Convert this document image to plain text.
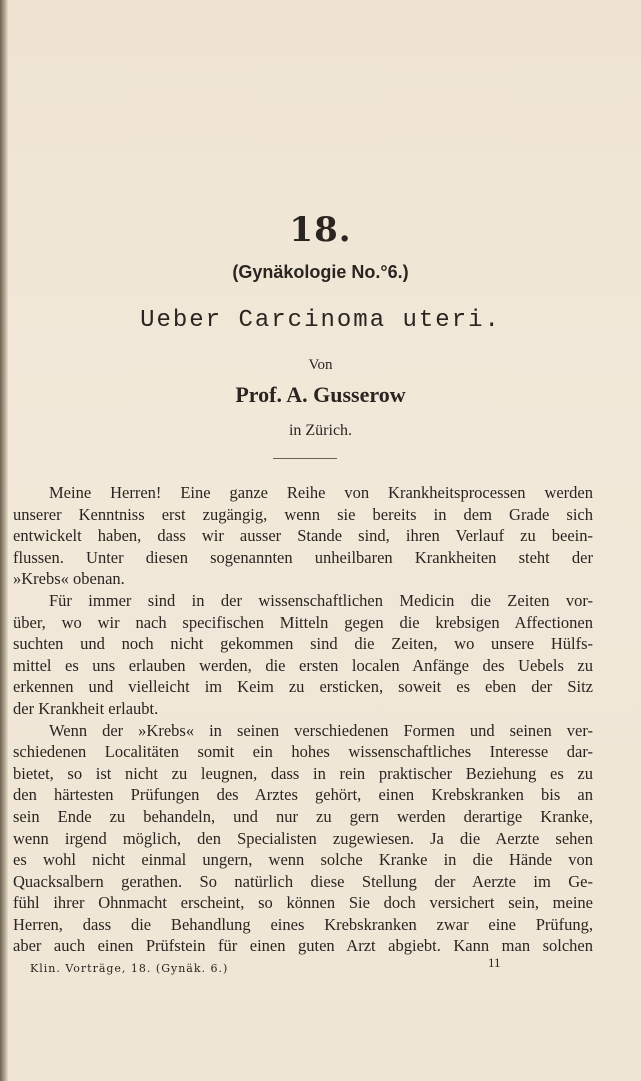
18.
(Gynäkologie No.°6.)
Ueber Carcinoma uteri.
Von
Prof. A. Gusserow
in Zürich.
Meine Herren! Eine ganze Reihe von Krankheitsprocessen werden
unserer Kenntniss erst zugängig, wenn sie bereits in dem Grade sich
entwickelt haben, dass wir ausser Stande sind, ihren Verlauf zu beein-
flussen. Unter diesen sogenannten unheilbaren Krankheiten steht der
»Krebs« obenan.
Für immer sind in der wissenschaftlichen Medicin die Zeiten vor-
über, wo wir nach specifischen Mitteln gegen die krebsigen Affectionen
suchten und noch nicht gekommen sind die Zeiten, wo unsere Hülfs-
mittel es uns erlauben werden, die ersten localen Anfänge des Uebels zu
erkennen und vielleicht im Keim zu ersticken, soweit es eben der Sitz
der Krankheit erlaubt.
Wenn der »Krebs« in seinen verschiedenen Formen und seinen ver-
schiedenen Localitäten somit ein hohes wissenschaftliches Interesse dar-
bietet, so ist nicht zu leugnen, dass in rein praktischer Beziehung es zu
den härtesten Prüfungen des Arztes gehört, einen Krebskranken bis an
sein Ende zu behandeln, und nur zu gern werden derartige Kranke,
wenn irgend möglich, den Specialisten zugewiesen. Ja die Aerzte sehen
es wohl nicht einmal ungern, wenn solche Kranke in die Hände von
Quacksalbern gerathen. So natürlich diese Stellung der Aerzte im Ge-
fühl ihrer Ohnmacht erscheint, so können Sie doch versichert sein, meine
Herren, dass die Behandlung eines Krebskranken zwar eine Prüfung,
aber auch einen Prüfstein für einen guten Arzt abgiebt. Kann man solchen
Klin. Vorträge, 18. (Gynäk. 6.)	11
